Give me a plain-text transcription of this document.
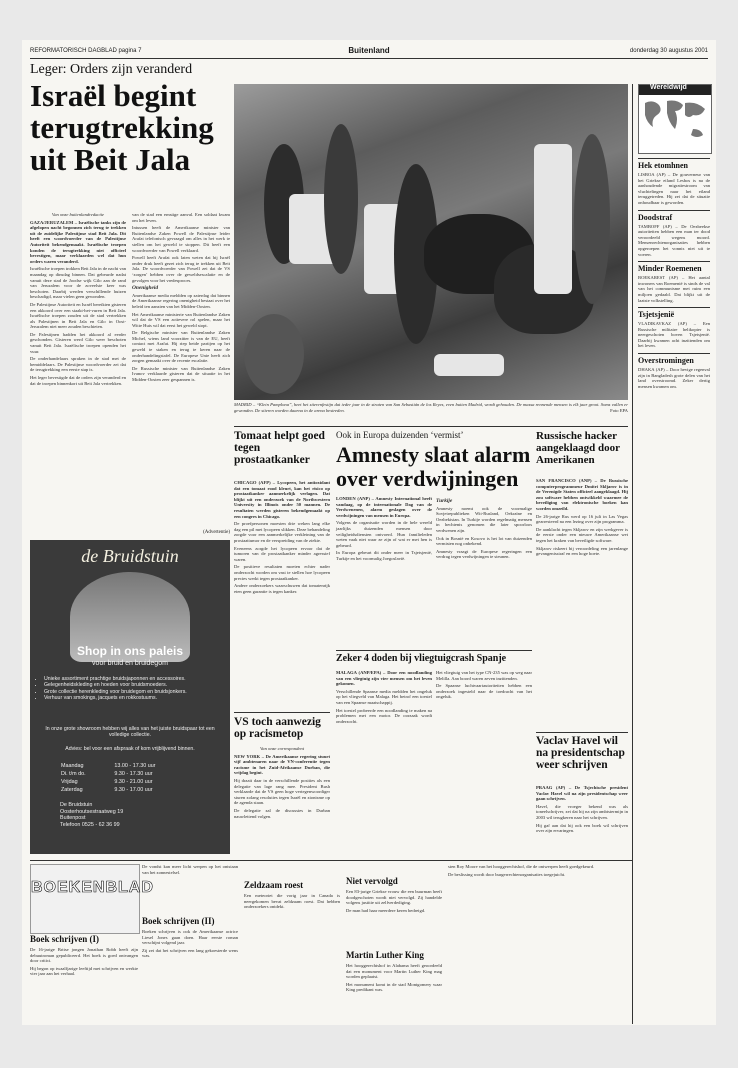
REFORMATORISCH DAGBLAD pagina 7	Buitenland	donderdag 30 augustus 2001
Leger: Orders zijn veranderd
Israël begint terugtrekking uit Beit Jala

Van onze buitenlandredactie

GAZA/JERUZALEM – Israëlische tanks zijn de afgelopen nacht begonnen zich terug te trekken uit de zuidelijke Palestijnse stad Beit Jala. Dit heeft een woordvoerder van de Palestijnse Autoriteit bekendgemaakt. Israëlische troepen konden de terugtrekking niet officieel bevestigen, maar verklaarden wel dat hun orders waren veranderd.

Israëlische troepen trokken Beit Jala in de nacht van maandag op dinsdag binnen. Dat gebeurde nadat vanuit deze stad de Joodse wijk Gilo aan de rand van Jeruzalem voor de zoveelste keer was beschoten. Daarbij werden verschillende huizen beschadigd, maar vielen geen gewonden.

De Palestijnse Autoriteit en Israël bereikten gisteren een akkoord over een staakt-het-vuren in Beit Jala. Israëlische troepen zouden uit de stad vertrekken als Palestijnen in Beit Jala en Gilo in Oost-Jeruzalem niet meer zouden beschieten.

De Palestijnen hadden het akkoord al eerder geschonden. Gisteren werd Gilo weer beschoten vanuit Beit Jala. Israëlische troepen openden het vuur.

De onderhandelaars spraken in de stad met de bemiddelaars. De Palestijnse woordvoerder zei dat de terugtrekking een eerste stap is.

Het leger bevestigde dat de orders zijn veranderd en dat de troepen binnenkort uit Beit Jala vertrekken.

van de stad een ernstige aanval. Een soldaat kwam om het leven.

Intussen heeft de Amerikaanse minister van Buitenlandse Zaken Powell de Palestijnse leider Arafat telefonisch gevraagd om alles in het werk te stellen om het geweld te stoppen. Dit heeft een woordvoerder van Powell verklaard.

Powell heeft Arafat ook laten weten dat hij Israël onder druk heeft gezet zich terug te trekken uit Beit Jala. De woordvoerder van Powell zei dat de VS ‘zorgen’ hebben over de geweldsescalatie en de gevolgen voor het vredesproces.

Onenigheid

Amerikaanse media meldden op zaterdag dat binnen de Amerikaanse regering onenigheid bestaat over het beleid ten aanzien van het Midden-Oosten.

Het Amerikaanse ministerie van Buitenlandse Zaken wil dat de VS een actievere rol spelen, maar het Witte Huis wil dat eerst het geweld stopt.

De Belgische minister van Buitenlandse Zaken Michel, wiens land voorzitter is van de EU, heeft contact met Arafat. Hij riep beide partijen op het geweld te staken en terug te keren naar de onderhandelingstafel. De Europese Unie heeft zich zorgen gemaakt over de recente escalatie.

De Russische minister van Buitenlandse Zaken Ivanov verklaarde gisteren dat de situatie in het Midden-Oosten zeer gespannen is.

MADRID – “Klein Pamplona”, heet het stierenfestijn dat ieder jaar in de straten van San Sebastián de los Reyes, even buiten Madrid, wordt gehouden. De massa rennende mensen is elk jaar groot. Soms vallen er gewonden. De stieren worden daarna in de arena bestreden.	Foto EPA
Wereldwijd
Hek etomhnen

LISBOA (AP) – De gouverneur van het Griekse eiland Lesbos is na de aanhoudende migratiestroom van vluchtelingen naar het eiland teruggetreden. Hij zei dat de situatie onhoudbaar is geworden.

Doodstraf

TAMBOFF (AP) – De Oezbeekse autoriteiten hebben een man ter dood veroordeeld wegens moord. Mensenrechtenorganisaties hebben opgeroepen het vonnis niet uit te voeren.

Minder Roemenen

BOEKAREST (AP) – Het aantal inwoners van Roemenië is sinds de val van het communisme met ruim een miljoen gedaald. Dat blijkt uit de laatste volkstelling.

Tsjetsjenië

VLADIKAVKAZ (AP) – Een Russische militaire helikopter is neergeschoten boven Tsjetsjenië. Daarbij kwamen acht inzittenden om het leven.

Overstromingen

DHAKA (AP) – Door hevige regenval zijn in Bangladesh grote delen van het land overstroomd. Zeker dertig mensen kwamen om.

Tomaat helpt goed tegen prostaatkanker

CHICAGO (AFP) – Lycopeen, het antioxidant dat een tomaat rood kleurt, kan het risico op prostaatkanker aanmerkelijk verlagen. Dat blijkt uit een onderzoek van de Northwestern University in Illinois onder 50 mannen. De resultaten werden gisteren bekendgemaakt op een congres in Chicago.

De proefpersonen moesten drie weken lang elke dag een pil met lycopeen slikken. Deze behandeling zorgde voor een aanmerkelijke verkleining van de prostaattumor en de verspreiding van de ziekte.

Eveneens zorgde het lycopeen ervoor dat de tumoren van de prostaatkanker minder agressief waren.

De positieve resultaten moeten echter nader onderzocht worden om vast te stellen hoe lycopeen precies werkt tegen prostaatkanker.

Andere onderzoekers waarschuwen dat tomatenrijk eten geen garantie is tegen kanker.

VS toch aanwezig op racismetop

Van onze correspondent

NEW YORK – De Amerikaanse regering stuurt vijf ambtenaren naar de VN-conferentie tegen racisme in het Zuid-Afrikaanse Durban, die vrijdag begint.

Hij draait daar in de verschillende posities als een delegatie van lage rang mee. President Bush verklaarde dat de VS geen hoge vertegenwoordiger sturen zolang resoluties tegen Israël en zionisme op de agenda staan.

De delegatie zal de discussies in Durban nauwlettend volgen.

Ook in Europa duizenden ‘vermist’
Amnesty slaat alarm over verdwijningen

LONDEN (ANP) – Amnesty International heeft vandaag, op de internationale Dag van de Verdwenenen, alarm geslagen over de verdwijningen van mensen in Europa.

Volgens de organisatie worden in de hele wereld jaarlijks duizenden mensen door veiligheidsdiensten ontvoerd. Hun familieleden weten vaak niet waar ze zijn of wat er met hen is gebeurd.

In Europa gebeurt dit onder meer in Tsjetsjenië, Turkije en het voormalig Joegoslavië.

Turkije

Amnesty noemt ook de voormalige Sovjetrepublieken Wit-Rusland, Oekraïne en Oezbekistan. In Turkije worden regelmatig mensen in hechtenis genomen die later spoorloos verdwenen zijn.

Ook in Bosnië en Kosovo is het lot van duizenden vermisten nog onbekend.

Amnesty vraagt de Europese regeringen een verdrag tegen verdwijningen te steunen.

Zeker 4 doden bij vliegtuigcrash Spanje

MALAGA (ANP/EPA) – Door een noodlanding van een vliegtuig zijn vier mensen om het leven gekomen.

Verschillende Spaanse media meldden het ongeluk op het vliegveld van Malaga. Het betrof een toestel van een Spaanse maatschappij.

Het toestel probeerde een noodlanding te maken na problemen met een motor. De oorzaak wordt onderzocht.

Het vliegtuig van het type CN-235 was op weg naar Melilla. Aan boord waren zeven inzittenden.

De Spaanse luchtvaartautoriteiten hebben een onderzoek ingesteld naar de toedracht van het ongeluk.

Russische hacker aangeklaagd door Amerikanen

SAN FRANCISCO (ANP) – De Russische computerprogrammeur Dmitri Skljarov is in de Verenigde Staten officieel aangeklaagd. Hij zou software hebben ontwikkeld waarmee de beveiliging van elektronische boeken kan worden omzeild.

De 26-jarige Rus werd op 16 juli in Las Vegas gearresteerd na een lezing over zijn programma.

De aanklacht tegen Skljarov en zijn werkgever is de eerste onder een nieuwe Amerikaanse wet tegen het kraken van beveiligde software.

Skljarov riskeert bij veroordeling een jarenlange gevangenisstraf en een hoge boete.

Vaclav Havel wil na presidentschap weer schrijven

PRAAG (AP) – De Tsjechische president Vaclav Havel wil na zijn presidentschap weer gaan schrijven.

Havel, die vroeger bekend was als toneelschrijver, zei dat hij na zijn ambtstermijn in 2003 wil terugkeren naar het schrijven.

Hij gaf aan dat hij ook een boek wil schrijven over zijn ervaringen.

(Advertentie)
de Bruidstuin
Shop in ons paleis
voor bruid en bruidegom
• Unieke assortiment prachtige bruidsjaponnen en accessoires.
• Gelegenheidskleding en hoeden voor bruidsmoeders.
• Grote collectie herenkleding voor bruidegom en bruidsjonkers.
• Verhuur van smokings, jacquets en rokkostuums.
In onze grote showroom hebben wij alles van het juiste bruidspaar tot een volledige collectie.
Advies: bel voor een afspraak of kom vrijblijvend binnen.
Maandag	13.00 - 17.30 uur
Di. t/m do.	9.30 - 17.30 uur
Vrijdag	9.30 - 21.00 uur
Zaterdag	9.30 - 17.00 uur
De Bruidstuin
Oosterhoutsestraatweg 19
Buitenpost
Telefoon 0525 - 62 36 99
BOEKENBLAD
Boek schrijven (I)

De 16-jarige Britse jongen Jonathan Robb heeft zijn debuutroman gepubliceerd. Het boek is goed ontvangen door critici.

Hij begon op twaalfjarige leeftijd met schrijven en werkte vier jaar aan het verhaal.

De vondst kan meer licht werpen op het ontstaan van het zonnestelsel.

Boek schrijven (II)

Boeken schrijven is ook de Amerikaanse actrice Liesel Jones gaan doen. Haar eerste roman verschijnt volgend jaar.

Zij zei dat het schrijven een lang gekoesterde wens was.

Zeldzaam roest

Een meteoriet die vorig jaar in Canada is neergekomen bevat zeldzaam roest. Dat hebben onderzoekers ontdekt.

Niet vervolgd

Een 83-jarige Griekse vrouw die een buurman heeft doodgeschoten wordt niet vervolgd. Zij handelde volgens justitie uit zelfverdediging.

De man had haar meerdere keren bedreigd.

Martin Luther King

Het hooggerechtshof in Alabama heeft geoordeeld dat een monument voor Martin Luther King mag worden geplaatst.

Het monument komt in de stad Montgomery waar King predikant was.

sten Roy Moore van het hooggerechtshof, die de ontwerpen heeft goedgekeurd.

De beslissing wordt door burgerrechtenorganisaties toegejuicht.
